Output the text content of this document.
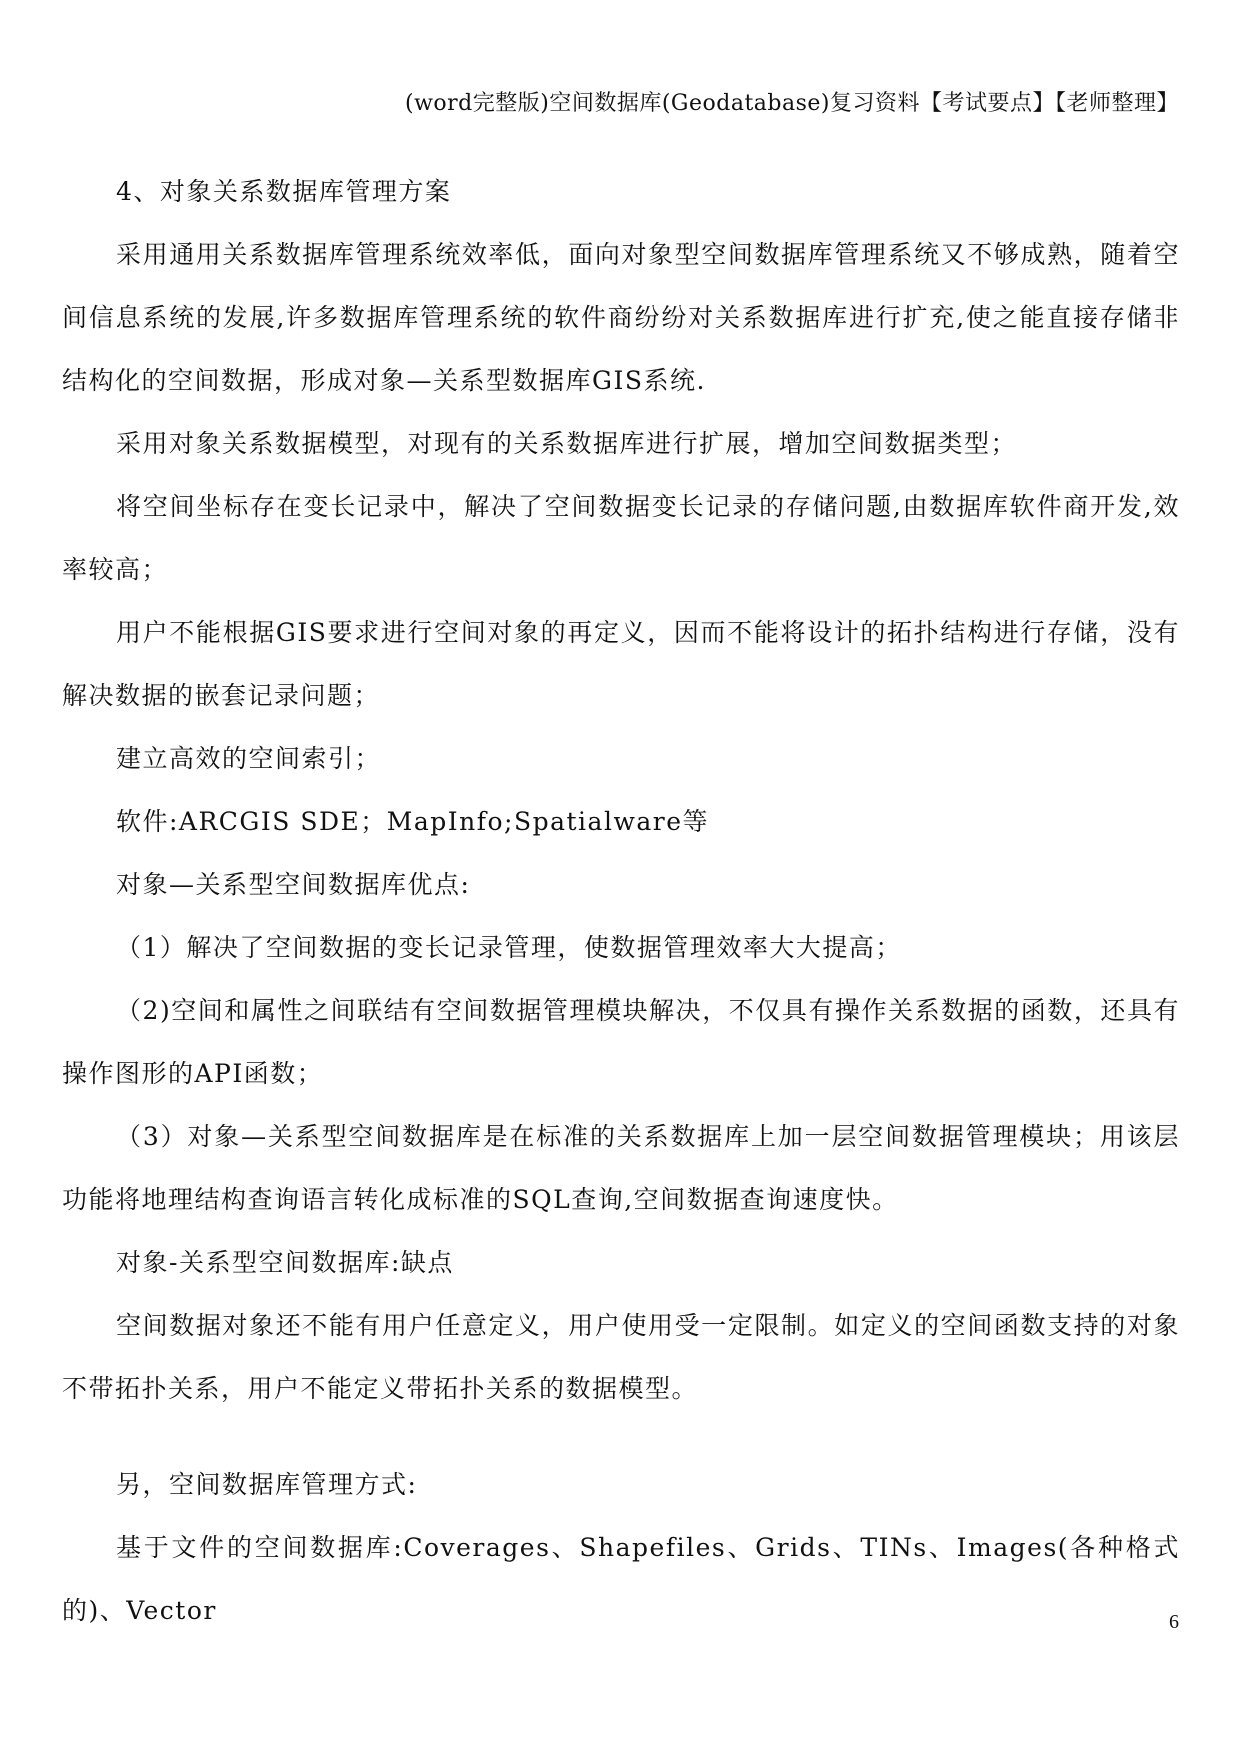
(word完整版)空间数据库(Geodatabase)复习资料【考试要点】【老师整理】

4、对象关系数据库管理方案

采用通用关系数据库管理系统效率低，面向对象型空间数据库管理系统又不够成熟，随着空间信息系统的发展,许多数据库管理系统的软件商纷纷对关系数据库进行扩充,使之能直接存储非结构化的空间数据，形成对象—关系型数据库GIS系统.

采用对象关系数据模型，对现有的关系数据库进行扩展，增加空间数据类型；

将空间坐标存在变长记录中，解决了空间数据变长记录的存储问题,由数据库软件商开发,效率较高；

用户不能根据GIS要求进行空间对象的再定义，因而不能将设计的拓扑结构进行存储，没有解决数据的嵌套记录问题；

建立高效的空间索引；

软件:ARCGIS SDE；MapInfo;Spatialware等

对象—关系型空间数据库优点:

（1）解决了空间数据的变长记录管理，使数据管理效率大大提高；

（2)空间和属性之间联结有空间数据管理模块解决，不仅具有操作关系数据的函数，还具有操作图形的API函数；

（3）对象—关系型空间数据库是在标准的关系数据库上加一层空间数据管理模块；用该层功能将地理结构查询语言转化成标准的SQL查询,空间数据查询速度快。

对象-关系型空间数据库:缺点

空间数据对象还不能有用户任意定义，用户使用受一定限制。如定义的空间函数支持的对象不带拓扑关系，用户不能定义带拓扑关系的数据模型。

另，空间数据库管理方式:

基于文件的空间数据库:Coverages、Shapefiles、Grids、TINs、Images(各种格式的)、Vector	6
